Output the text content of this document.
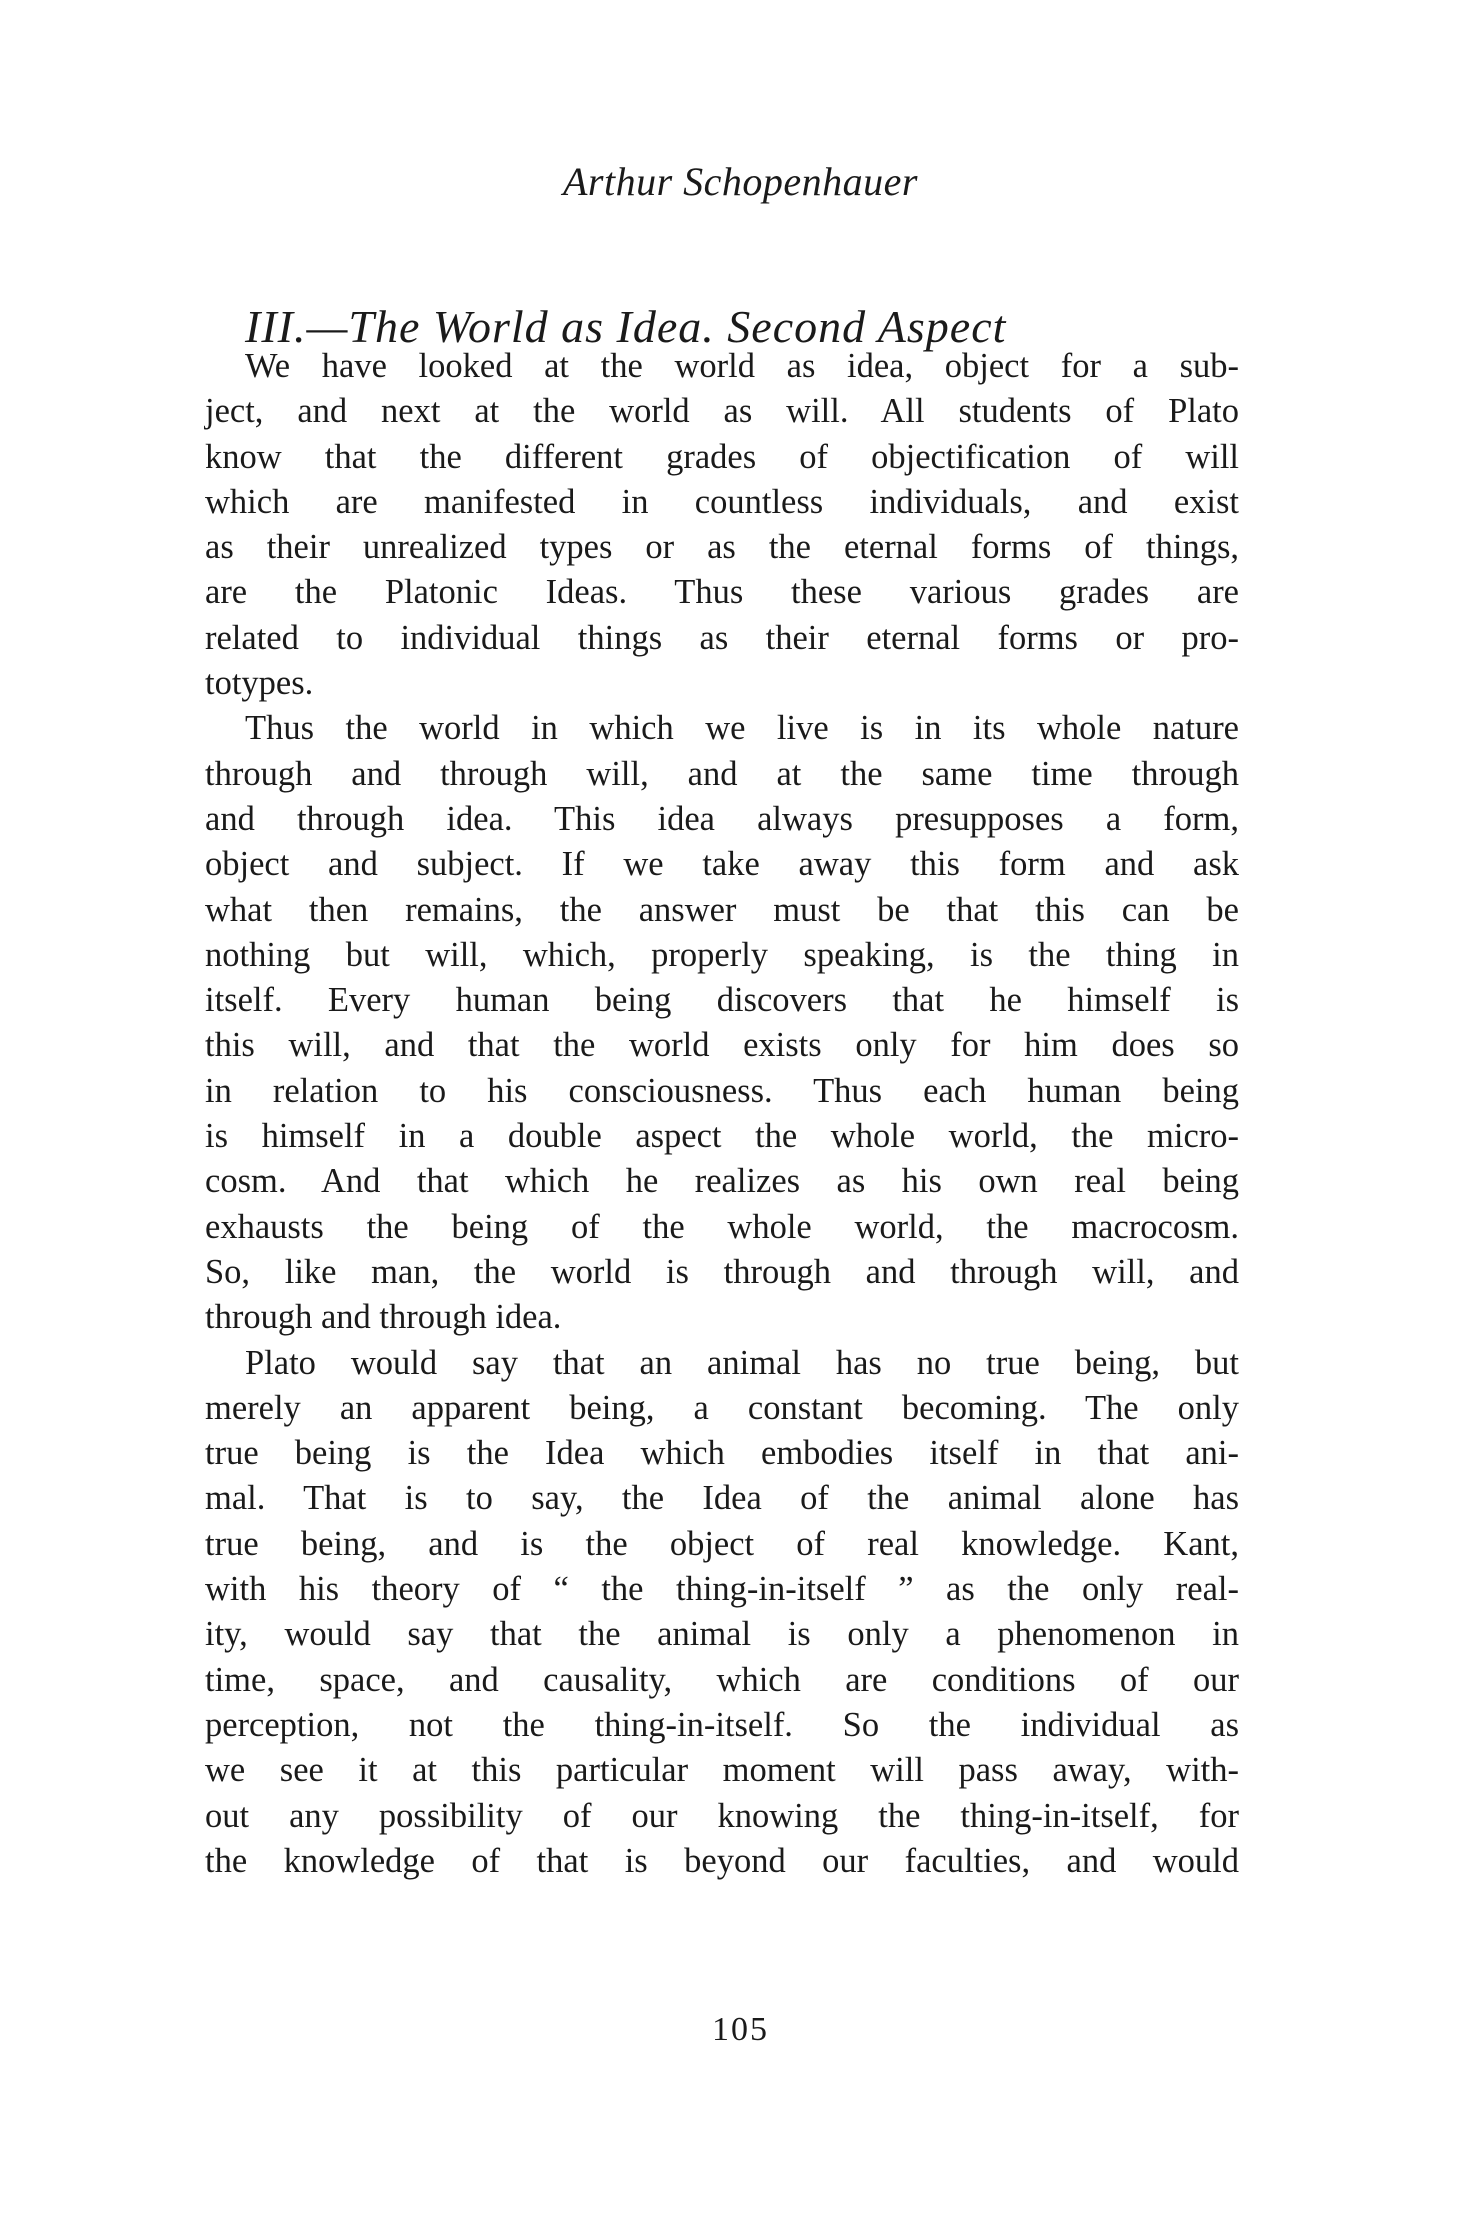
Arthur Schopenhauer
III.—The World as Idea. Second Aspect
We have looked at the world as idea, object for a sub-
ject, and next at the world as will. All students of Plato
know that the different grades of objectification of will
which are manifested in countless individuals, and exist
as their unrealized types or as the eternal forms of things,
are the Platonic Ideas. Thus these various grades are
related to individual things as their eternal forms or pro-
totypes.
Thus the world in which we live is in its whole nature
through and through will, and at the same time through
and through idea. This idea always presupposes a form,
object and subject. If we take away this form and ask
what then remains, the answer must be that this can be
nothing but will, which, properly speaking, is the thing in
itself. Every human being discovers that he himself is
this will, and that the world exists only for him does so
in relation to his consciousness. Thus each human being
is himself in a double aspect the whole world, the micro-
cosm. And that which he realizes as his own real being
exhausts the being of the whole world, the macrocosm.
So, like man, the world is through and through will, and
through and through idea.
Plato would say that an animal has no true being, but
merely an apparent being, a constant becoming. The only
true being is the Idea which embodies itself in that ani-
mal. That is to say, the Idea of the animal alone has
true being, and is the object of real knowledge. Kant,
with his theory of “ the thing-in-itself ” as the only real-
ity, would say that the animal is only a phenomenon in
time, space, and causality, which are conditions of our
perception, not the thing-in-itself. So the individual as
we see it at this particular moment will pass away, with-
out any possibility of our knowing the thing-in-itself, for
the knowledge of that is beyond our faculties, and would
105
